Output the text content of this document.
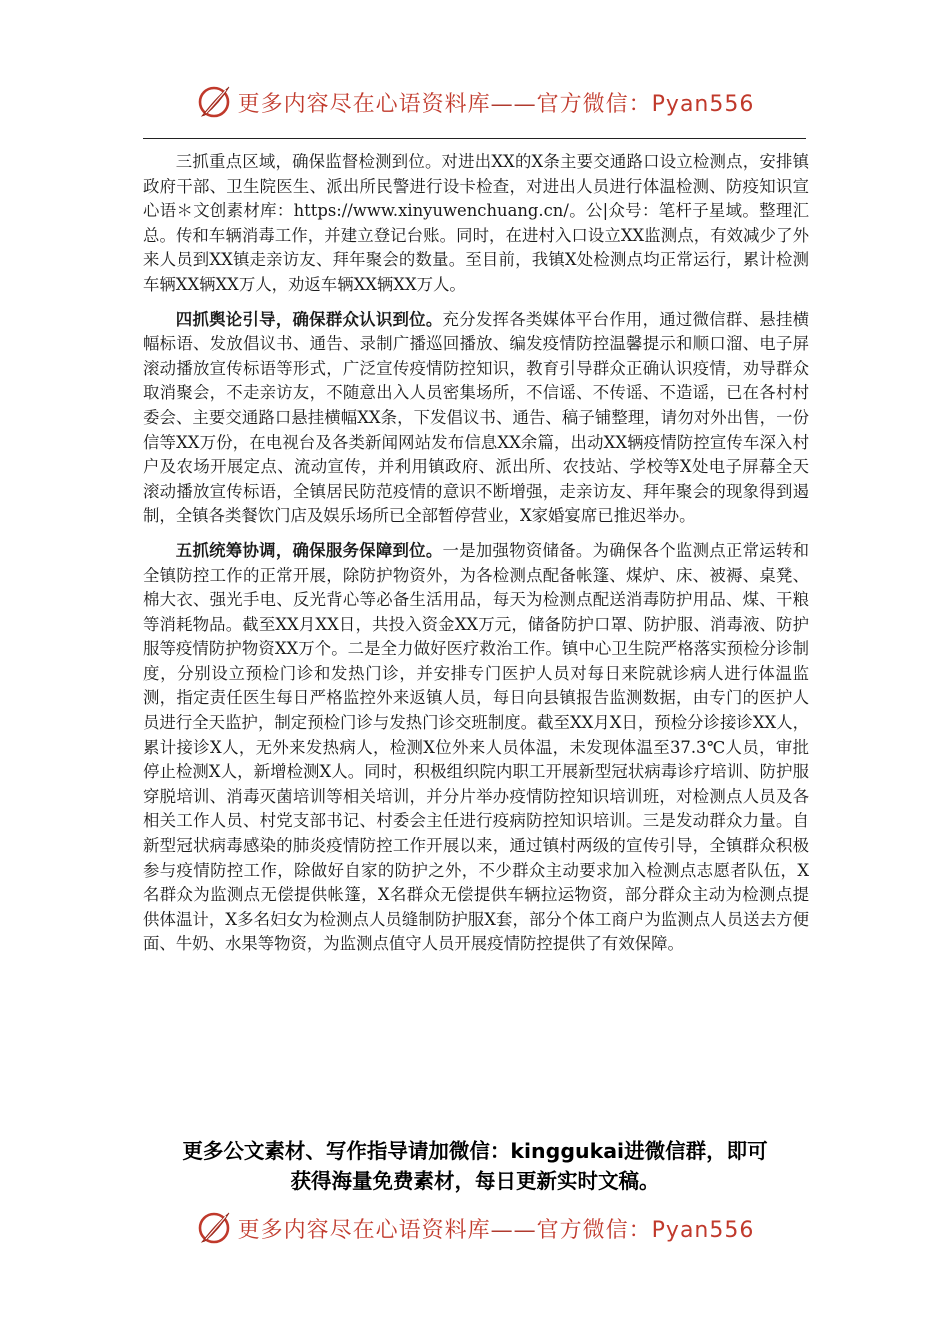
更多内容尽在心语资料库——官方微信：Pyan556

三抓重点区域，确保监督检测到位。对进出XX的X条主要交通路口设立检测点，安排镇政府干部、卫生院医生、派出所民警进行设卡检查，对进出人员进行体温检测、防疫知识宣心语＊文创素材库：https://www.xinyuwenchuang.cn/。公|众号：笔杆子星域。整理汇总。传和车辆消毒工作，并建立登记台账。同时，在进村入口设立XX监测点，有效减少了外来人员到XX镇走亲访友、拜年聚会的数量。至目前，我镇X处检测点均正常运行，累计检测车辆XX辆XX万人，劝返车辆XX辆XX万人。

四抓舆论引导，确保群众认识到位。充分发挥各类媒体平台作用，通过微信群、悬挂横幅标语、发放倡议书、通告、录制广播巡回播放、编发疫情防控温馨提示和顺口溜、电子屏滚动播放宣传标语等形式，广泛宣传疫情防控知识，教育引导群众正确认识疫情，劝导群众取消聚会，不走亲访友，不随意出入人员密集场所，不信谣、不传谣、不造谣，已在各村村委会、主要交通路口悬挂横幅XX条，下发倡议书、通告、稿子铺整理，请勿对外出售，一份信等XX万份，在电视台及各类新闻网站发布信息XX余篇，出动XX辆疫情防控宣传车深入村户及农场开展定点、流动宣传，并利用镇政府、派出所、农技站、学校等X处电子屏幕全天滚动播放宣传标语，全镇居民防范疫情的意识不断增强，走亲访友、拜年聚会的现象得到遏制，全镇各类餐饮门店及娱乐场所已全部暂停营业，X家婚宴席已推迟举办。

五抓统筹协调，确保服务保障到位。一是加强物资储备。为确保各个监测点正常运转和全镇防控工作的正常开展，除防护物资外，为各检测点配备帐篷、煤炉、床、被褥、桌凳、棉大衣、强光手电、反光背心等必备生活用品，每天为检测点配送消毒防护用品、煤、干粮等消耗物品。截至XX月XX日，共投入资金XX万元，储备防护口罩、防护服、消毒液、防护服等疫情防护物资XX万个。二是全力做好医疗救治工作。镇中心卫生院严格落实预检分诊制度，分别设立预检门诊和发热门诊，并安排专门医护人员对每日来院就诊病人进行体温监测，指定责任医生每日严格监控外来返镇人员，每日向县镇报告监测数据，由专门的医护人员进行全天监护，制定预检门诊与发热门诊交班制度。截至XX月X日，预检分诊接诊XX人，累计接诊X人，无外来发热病人，检测X位外来人员体温，未发现体温至37.3℃人员，审批停止检测X人，新增检测X人。同时，积极组织院内职工开展新型冠状病毒诊疗培训、防护服穿脱培训、消毒灭菌培训等相关培训，并分片举办疫情防控知识培训班，对检测点人员及各相关工作人员、村党支部书记、村委会主任进行疫病防控知识培训。三是发动群众力量。自新型冠状病毒感染的肺炎疫情防控工作开展以来，通过镇村两级的宣传引导，全镇群众积极参与疫情防控工作，除做好自家的防护之外，不少群众主动要求加入检测点志愿者队伍，X名群众为监测点无偿提供帐篷，X名群众无偿提供车辆拉运物资，部分群众主动为检测点提供体温计，X多名妇女为检测点人员缝制防护服X套，部分个体工商户为监测点人员送去方便面、牛奶、水果等物资，为监测点值守人员开展疫情防控提供了有效保障。

更多公文素材、写作指导请加微信：kinggukai进微信群，即可
获得海量免费素材，每日更新实时文稿。
更多内容尽在心语资料库——官方微信：Pyan556
